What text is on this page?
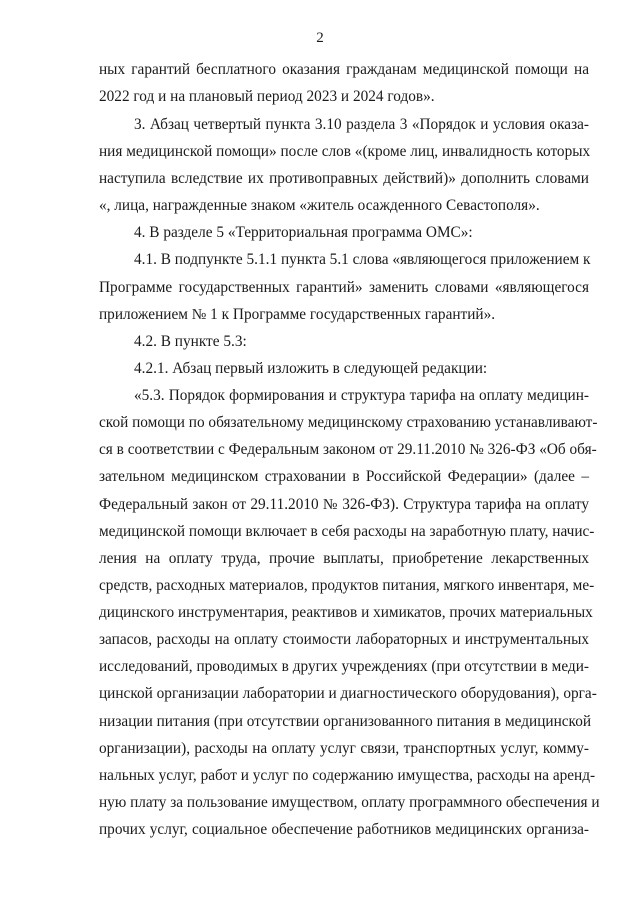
2
ных гарантий бесплатного оказания гражданам медицинской помощи на
2022 год и на плановый период 2023 и 2024 годов».
3. Абзац четвертый пункта 3.10 раздела 3 «Порядок и условия оказа-
ния медицинской помощи» после слов «(кроме лиц, инвалидность которых
наступила вследствие их противоправных действий)» дополнить словами
«, лица, награжденные знаком «житель осажденного Севастополя».
4. В разделе 5 «Территориальная программа ОМС»:
4.1. В подпункте 5.1.1 пункта 5.1 слова «являющегося приложением к
Программе государственных гарантий» заменить словами «являющегося
приложением № 1 к Программе государственных гарантий».
4.2. В пункте 5.3:
4.2.1. Абзац первый изложить в следующей редакции:
«5.3. Порядок формирования и структура тарифа на оплату медицин-
ской помощи по обязательному медицинскому страхованию устанавливают-
ся в соответствии с Федеральным законом от 29.11.2010 № 326-ФЗ «Об обя-
зательном медицинском страховании в Российской Федерации» (далее –
Федеральный закон от 29.11.2010 № 326-ФЗ). Структура тарифа на оплату
медицинской помощи включает в себя расходы на заработную плату, начис-
ления на оплату труда, прочие выплаты, приобретение лекарственных
средств, расходных материалов, продуктов питания, мягкого инвентаря, ме-
дицинского инструментария, реактивов и химикатов, прочих материальных
запасов, расходы на оплату стоимости лабораторных и инструментальных
исследований, проводимых в других учреждениях (при отсутствии в меди-
цинской организации лаборатории и диагностического оборудования), орга-
низации питания (при отсутствии организованного питания в медицинской
организации), расходы на оплату услуг связи, транспортных услуг, комму-
нальных услуг, работ и услуг по содержанию имущества, расходы на аренд-
ную плату за пользование имуществом, оплату программного обеспечения и
прочих услуг, социальное обеспечение работников медицинских организа-
